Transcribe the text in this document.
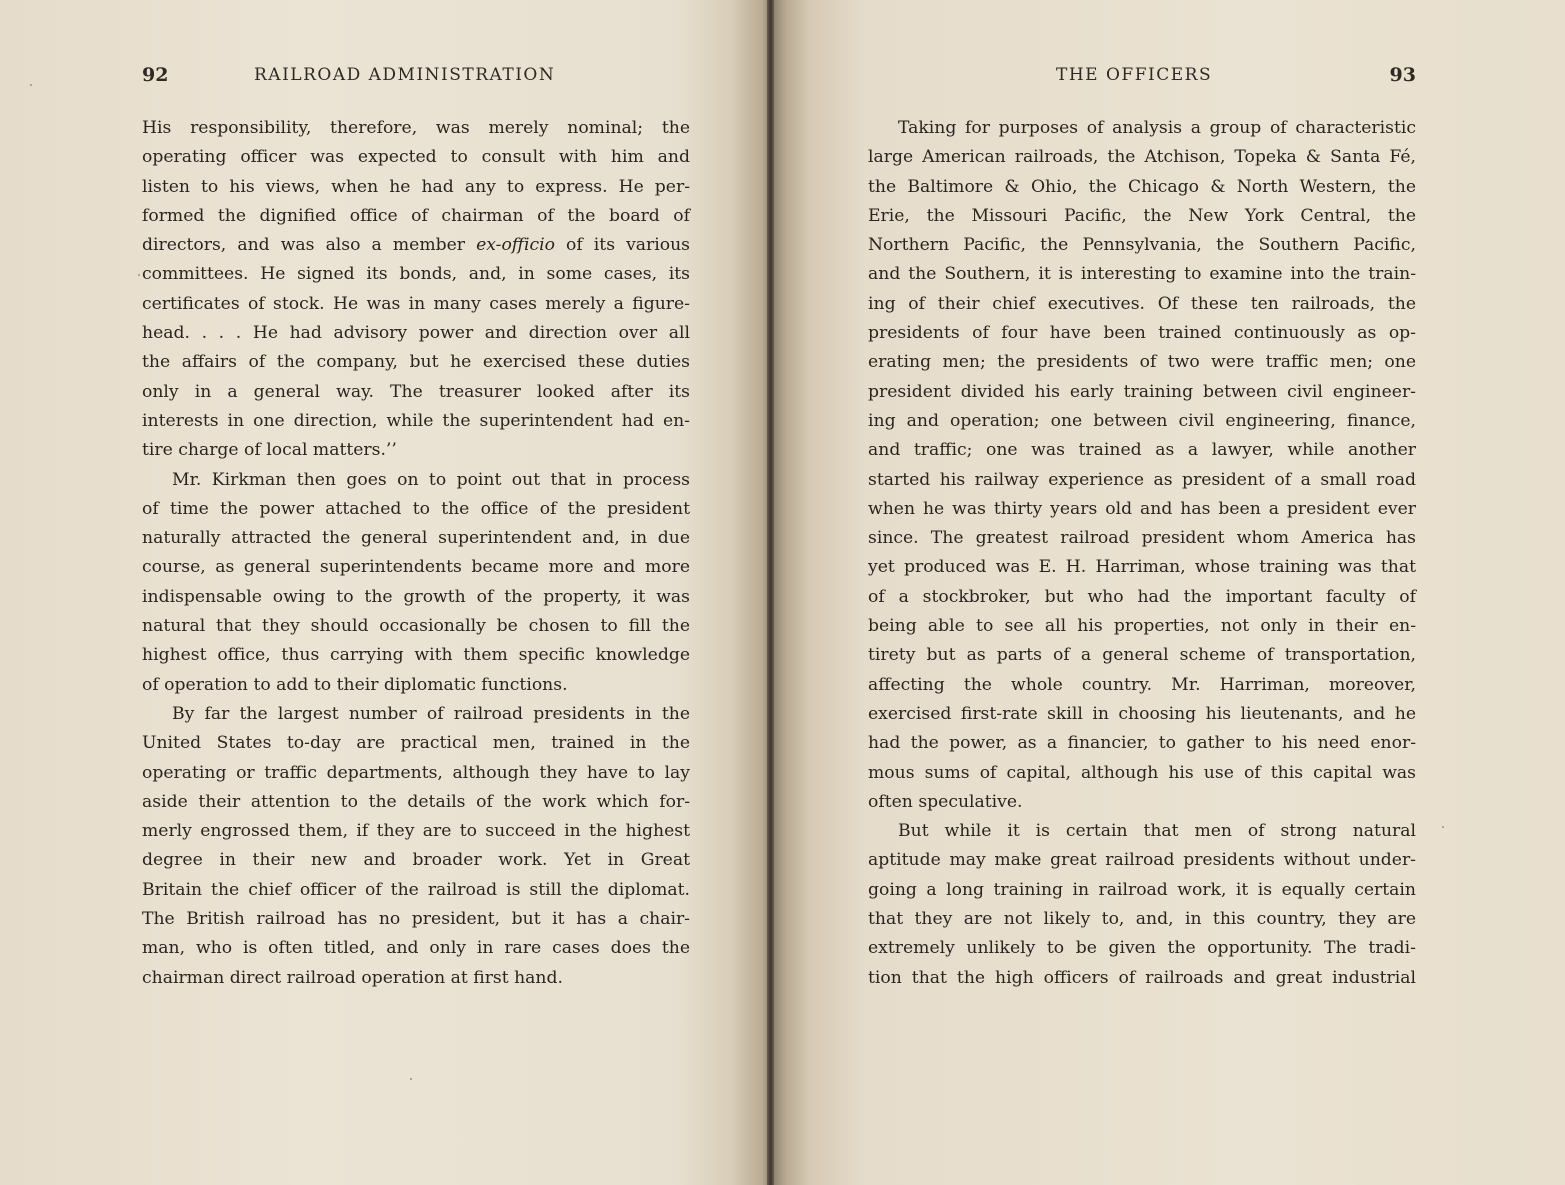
92	RAILROAD ADMINISTRATION
His responsibility, therefore, was merely nominal; the
operating officer was expected to consult with him and
listen to his views, when he had any to express. He per-
formed the dignified office of chairman of the board of
directors, and was also a member ex-officio of its various
committees. He signed its bonds, and, in some cases, its
certificates of stock. He was in many cases merely a figure-
head. . . . He had advisory power and direction over all
the affairs of the company, but he exercised these duties
only in a general way. The treasurer looked after its
interests in one direction, while the superintendent had en-
tire charge of local matters.’’
Mr. Kirkman then goes on to point out that in process
of time the power attached to the office of the president
naturally attracted the general superintendent and, in due
course, as general superintendents became more and more
indispensable owing to the growth of the property, it was
natural that they should occasionally be chosen to fill the
highest office, thus carrying with them specific knowledge
of operation to add to their diplomatic functions.
By far the largest number of railroad presidents in the
United States to-day are practical men, trained in the
operating or traffic departments, although they have to lay
aside their attention to the details of the work which for-
merly engrossed them, if they are to succeed in the highest
degree in their new and broader work. Yet in Great
Britain the chief officer of the railroad is still the diplomat.
The British railroad has no president, but it has a chair-
man, who is often titled, and only in rare cases does the
chairman direct railroad operation at first hand.
THE OFFICERS	93
Taking for purposes of analysis a group of characteristic
large American railroads, the Atchison, Topeka & Santa Fé,
the Baltimore & Ohio, the Chicago & North Western, the
Erie, the Missouri Pacific, the New York Central, the
Northern Pacific, the Pennsylvania, the Southern Pacific,
and the Southern, it is interesting to examine into the train-
ing of their chief executives. Of these ten railroads, the
presidents of four have been trained continuously as op-
erating men; the presidents of two were traffic men; one
president divided his early training between civil engineer-
ing and operation; one between civil engineering, finance,
and traffic; one was trained as a lawyer, while another
started his railway experience as president of a small road
when he was thirty years old and has been a president ever
since. The greatest railroad president whom America has
yet produced was E. H. Harriman, whose training was that
of a stockbroker, but who had the important faculty of
being able to see all his properties, not only in their en-
tirety but as parts of a general scheme of transportation,
affecting the whole country. Mr. Harriman, moreover,
exercised first-rate skill in choosing his lieutenants, and he
had the power, as a financier, to gather to his need enor-
mous sums of capital, although his use of this capital was
often speculative.
But while it is certain that men of strong natural
aptitude may make great railroad presidents without under-
going a long training in railroad work, it is equally certain
that they are not likely to, and, in this country, they are
extremely unlikely to be given the opportunity. The tradi-
tion that the high officers of railroads and great industrial
